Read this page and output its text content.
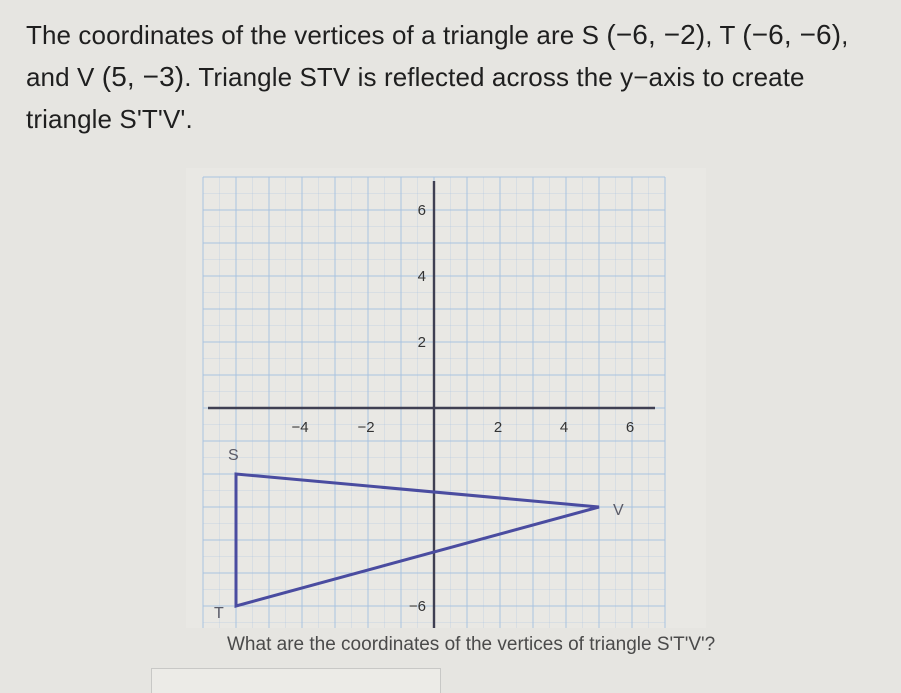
The coordinates of the vertices of a triangle are S (−6, −2), T (−6, −6),
and V (5, −3). Triangle STV is reflected across the y−axis to create
triangle S'T'V'.
−4	−2	2	4	6
6
4
2
−6
S
T
V
What are the coordinates of the vertices of triangle S'T'V'?
